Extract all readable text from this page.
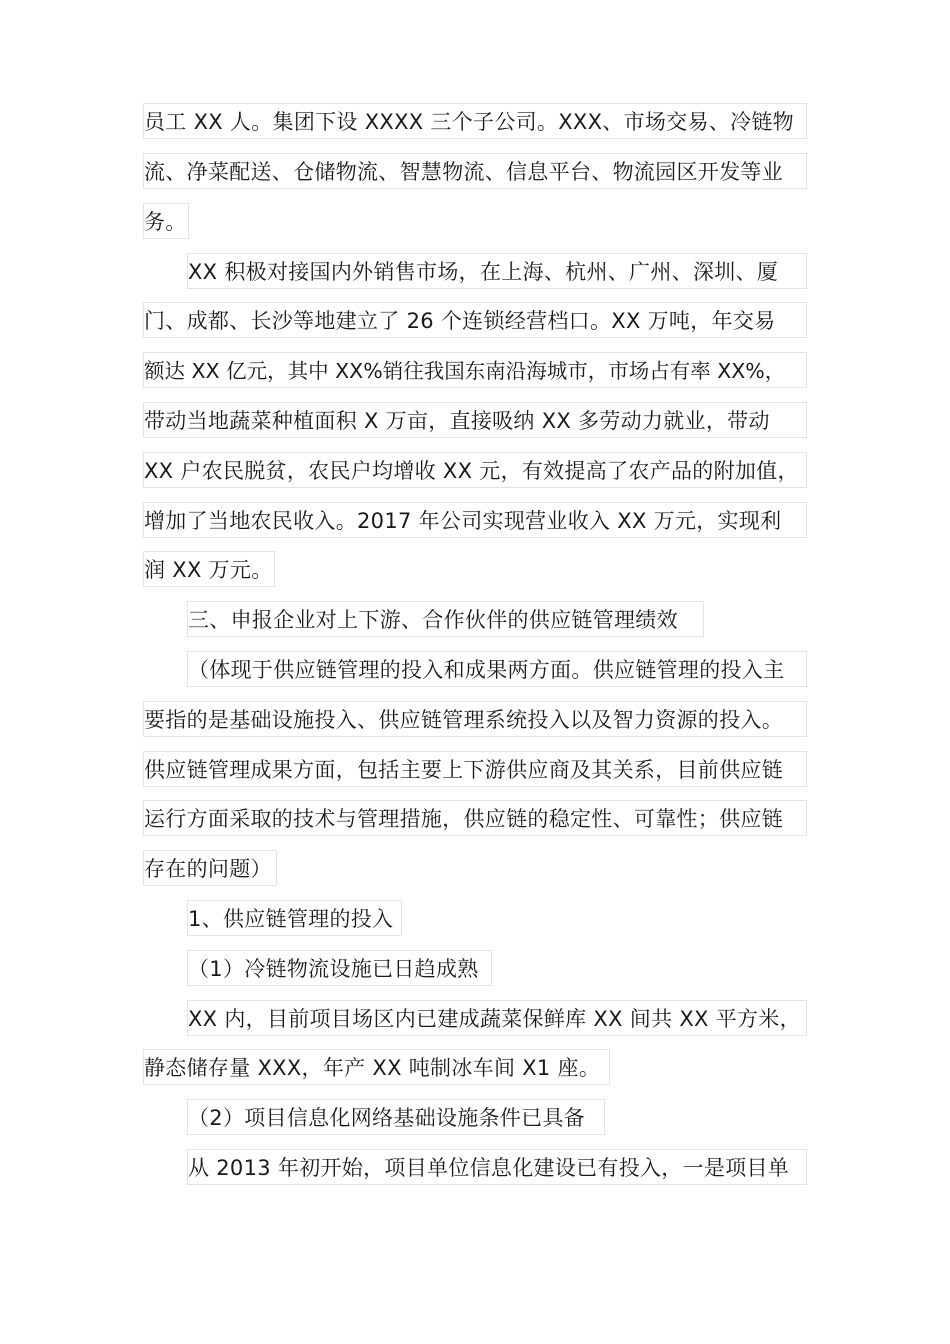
员工 XX 人。集团下设 XXXX 三个子公司。XXX、市场交易、冷链物
流、净菜配送、仓储物流、智慧物流、信息平台、物流园区开发等业
务。
XX 积极对接国内外销售市场，在上海、杭州、广州、深圳、厦
门、成都、长沙等地建立了 26 个连锁经营档口。XX 万吨，年交易
额达 XX 亿元，其中 XX%销往我国东南沿海城市，市场占有率 XX%，
带动当地蔬菜种植面积 X 万亩，直接吸纳 XX 多劳动力就业，带动
XX 户农民脱贫，农民户均增收 XX 元，有效提高了农产品的附加值，
增加了当地农民收入。2017 年公司实现营业收入 XX 万元，实现利
润 XX 万元。
三、申报企业对上下游、合作伙伴的供应链管理绩效
（体现于供应链管理的投入和成果两方面。供应链管理的投入主
要指的是基础设施投入、供应链管理系统投入以及智力资源的投入。
供应链管理成果方面，包括主要上下游供应商及其关系，目前供应链
运行方面采取的技术与管理措施，供应链的稳定性、可靠性；供应链
存在的问题）
1、供应链管理的投入
（1）冷链物流设施已日趋成熟
XX 内，目前项目场区内已建成蔬菜保鲜库 XX 间共 XX 平方米，
静态储存量 XXX，年产 XX 吨制冰车间 X1 座。
（2）项目信息化网络基础设施条件已具备
从 2013 年初开始，项目单位信息化建设已有投入，一是项目单
